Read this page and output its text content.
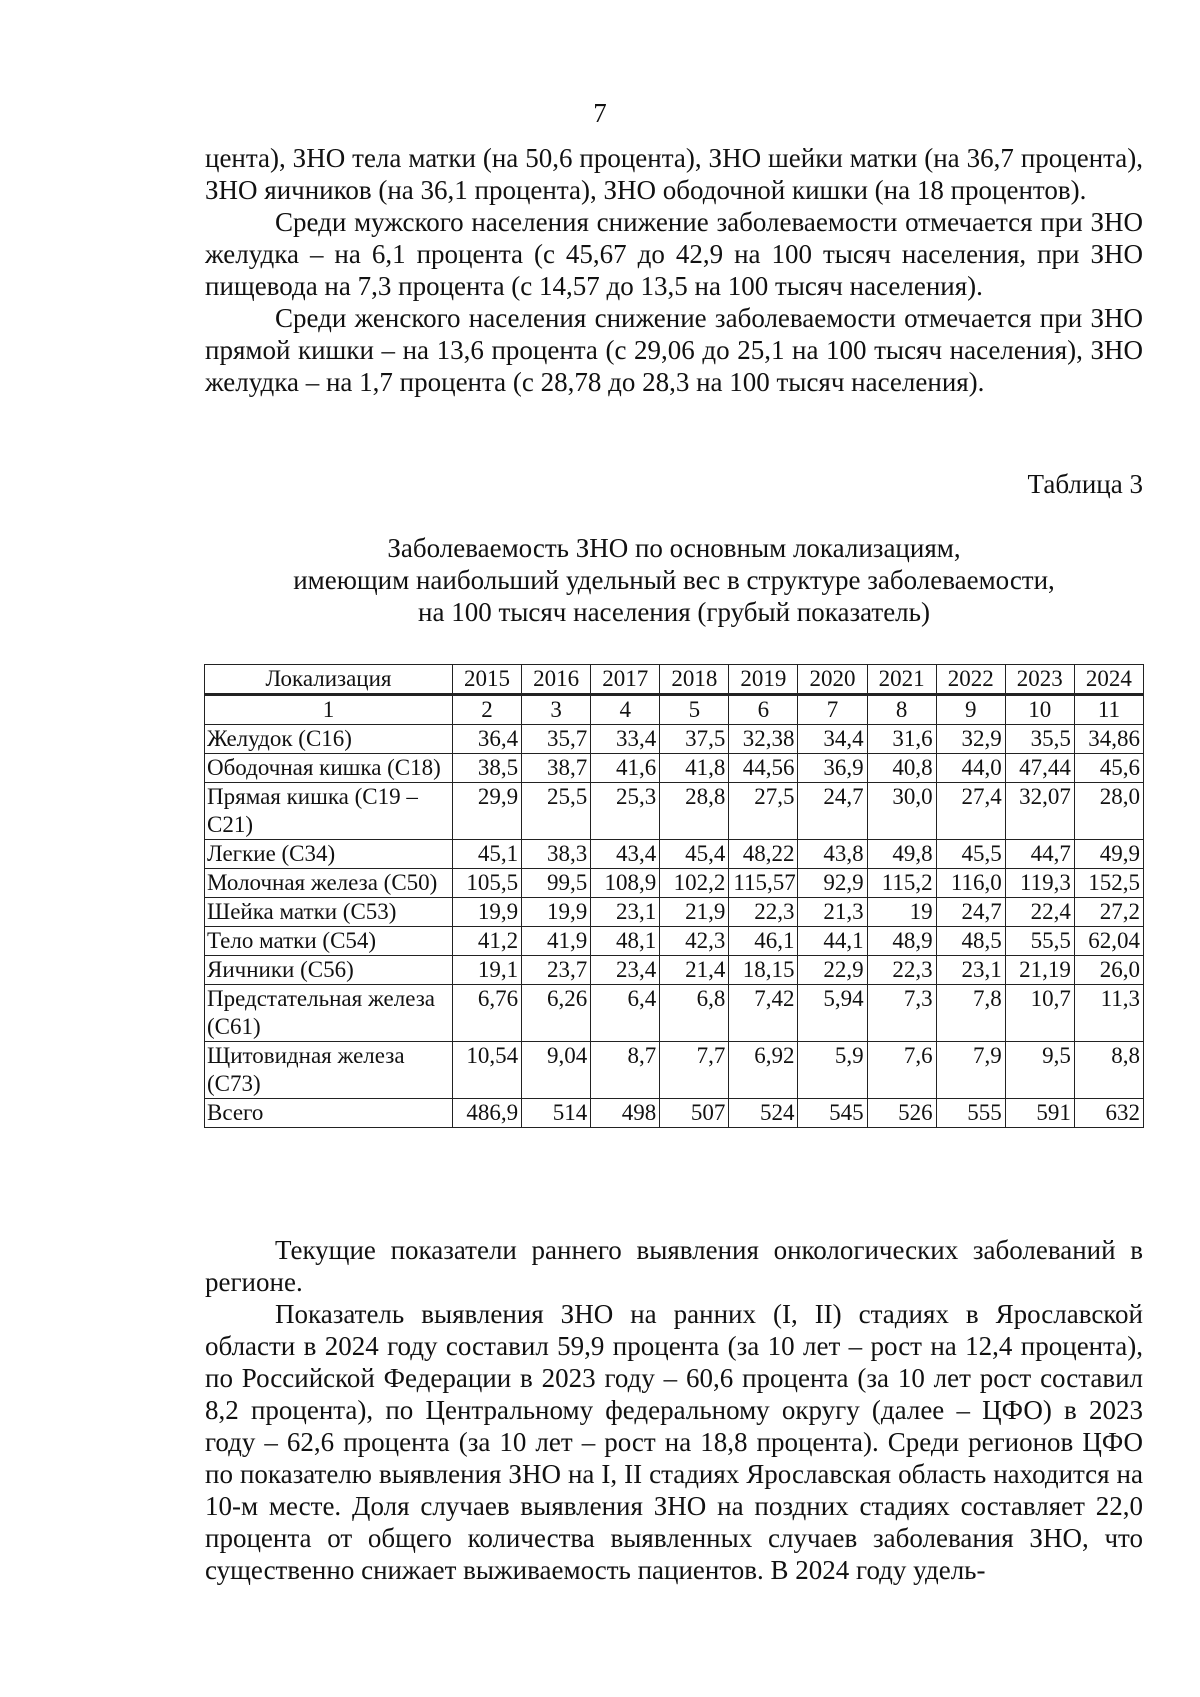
7

цента), ЗНО тела матки (на 50,6 процента), ЗНО шейки матки (на 36,7 процента), ЗНО яичников (на 36,1 процента), ЗНО ободочной кишки (на 18 процентов).

Среди мужского населения снижение заболеваемости отмечается при ЗНО желудка – на 6,1 процента (с 45,67 до 42,9 на 100 тысяч населения, при ЗНО пищевода на 7,3 процента (с 14,57 до 13,5 на 100 тысяч населения).

Среди женского населения снижение заболеваемости отмечается при ЗНО прямой кишки – на 13,6 процента (с 29,06 до 25,1 на 100 тысяч населения), ЗНО желудка – на 1,7 процента (с 28,78 до 28,3 на 100 тысяч населения).

Таблица 3
Заболеваемость ЗНО по основным локализациям,
имеющим наибольший удельный вес в структуре заболеваемости,
на 100 тысяч населения (грубый показатель)
Локализация	2015	2016	2017	2018	2019	2020	2021	2022	2023	2024
1	2	3	4	5	6	7	8	9	10	11
Желудок (С16)	36,4	35,7	33,4	37,5	32,38	34,4	31,6	32,9	35,5	34,86
Ободочная кишка (С18)	38,5	38,7	41,6	41,8	44,56	36,9	40,8	44,0	47,44	45,6
Прямая кишка (С19 – С21)	29,9	25,5	25,3	28,8	27,5	24,7	30,0	27,4	32,07	28,0
Легкие (С34)	45,1	38,3	43,4	45,4	48,22	43,8	49,8	45,5	44,7	49,9
Молочная железа (С50)	105,5	99,5	108,9	102,2	115,57	92,9	115,2	116,0	119,3	152,5
Шейка матки (С53)	19,9	19,9	23,1	21,9	22,3	21,3	19	24,7	22,4	27,2
Тело матки (С54)	41,2	41,9	48,1	42,3	46,1	44,1	48,9	48,5	55,5	62,04
Яичники (С56)	19,1	23,7	23,4	21,4	18,15	22,9	22,3	23,1	21,19	26,0
Предстательная железа (С61)	6,76	6,26	6,4	6,8	7,42	5,94	7,3	7,8	10,7	11,3
Щитовидная железа (С73)	10,54	9,04	8,7	7,7	6,92	5,9	7,6	7,9	9,5	8,8
Всего	486,9	514	498	507	524	545	526	555	591	632

Текущие показатели раннего выявления онкологических заболеваний в регионе.

Показатель выявления ЗНО на ранних (I, II) стадиях в Ярославской области в 2024 году составил 59,9 процента (за 10 лет – рост на 12,4 процента), по Российской Федерации в 2023 году – 60,6 процента (за 10 лет рост составил 8,2 процента), по Центральному федеральному округу (далее – ЦФО) в 2023 году – 62,6 процента (за 10 лет – рост на 18,8 процента). Среди регионов ЦФО по показателю выявления ЗНО на I, II стадиях Ярославская область находится на 10-м месте. Доля случаев выявления ЗНО на поздних стадиях составляет 22,0 процента от общего количества выявленных случаев заболевания ЗНО, что существенно снижает выживаемость пациентов. В 2024 году удель-
